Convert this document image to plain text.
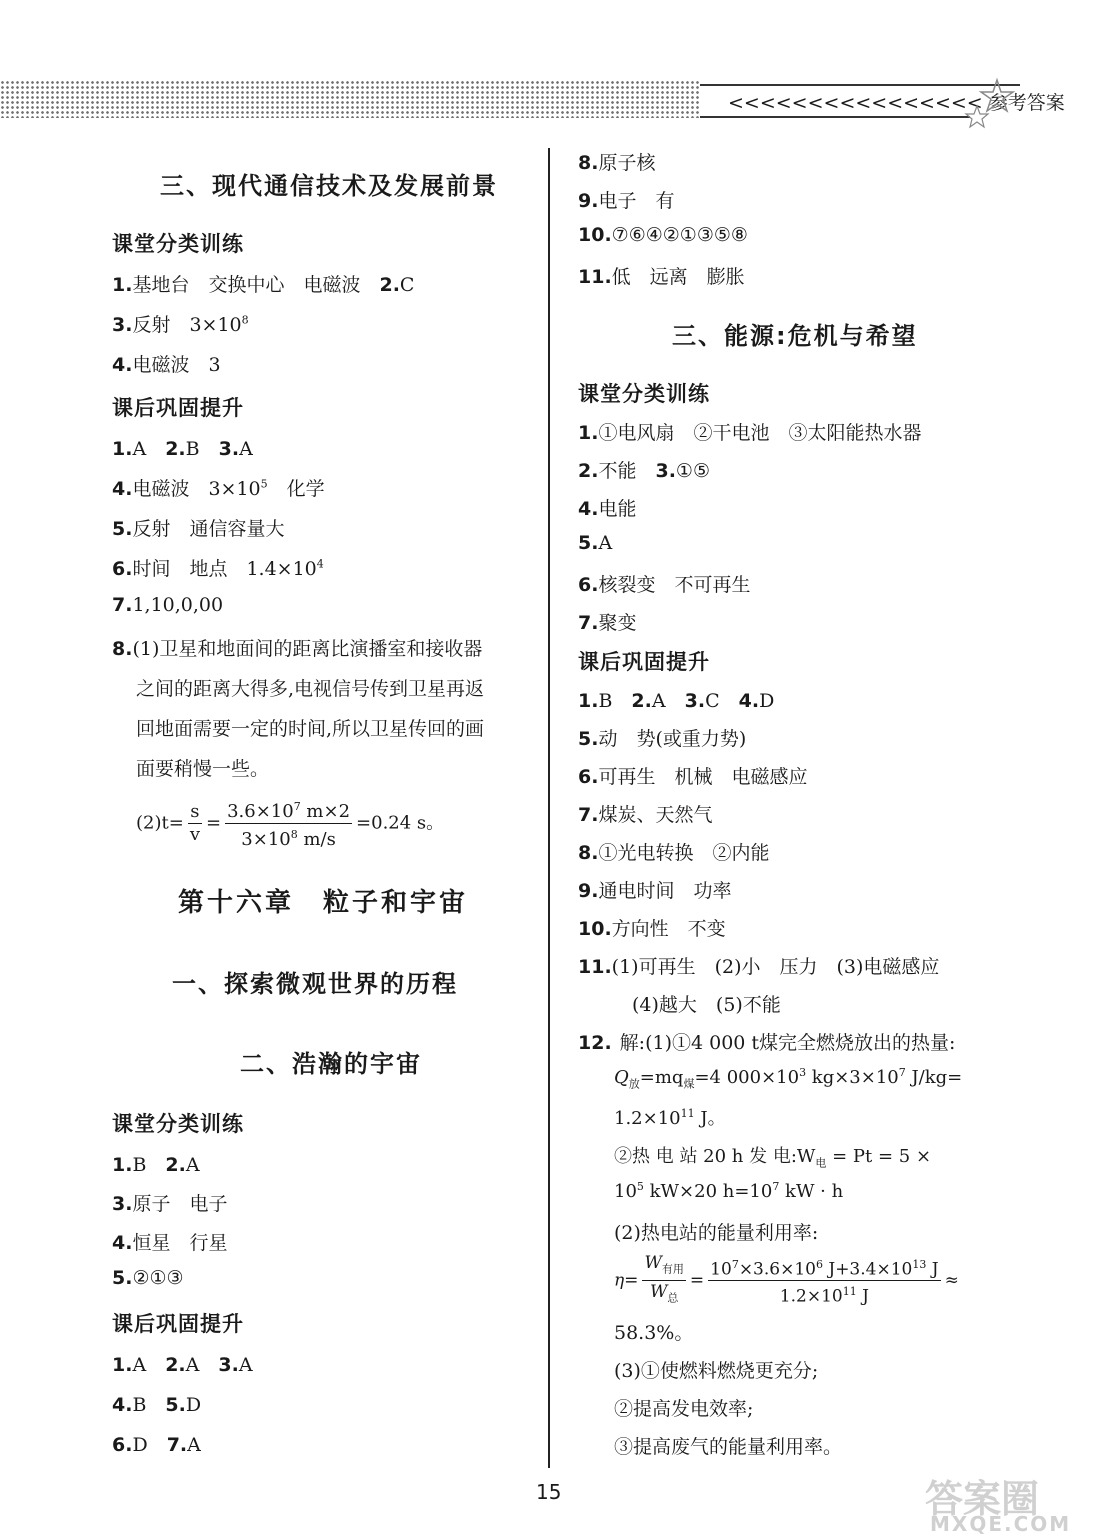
<<<<<<<<<<<<<<<< 参考答案
三、现代通信技术及发展前景
课堂分类训练
1.基地台　交换中心　电磁波　2.C
3.反射　$3\times 10^8$
4.电磁波　3
课后巩固提升
1.A　2.B　3.A
4.电磁波　$3\times 10^5$　化学
5.反射　通信容量大
6.时间　地点　$1.4\times 10^4$
7.1,10,0,00
8.(1)卫星和地面间的距离比演播室和接收器
之间的距离大得多,电视信号传到卫星再返
回地面需要一定的时间,所以卫星传回的画
面要稍慢一些。
$(2)t= \frac{s}{v} = \frac{3.6\times 10^7 m\times 2}{3\times 10^8 m/s} =0.24$ s。
第十六章　粒子和宇宙
一、探索微观世界的历程
二、浩瀚的宇宙
课堂分类训练
1.B　2.A
3.原子　电子
4.恒星　行星
5.②①③
课后巩固提升
1.A　2.A　3.A
4.B　5.D
6.D　7.A
8.原子核
9.电子　有
10.⑦⑥④②①③⑤⑧
11.低　远离　膨胀
三、能源:危机与希望
课堂分类训练
1.①电风扇　②干电池　③太阳能热水器
2.不能　3.①⑤
4.电能
5.A
6.核裂变　不可再生
7.聚变
课后巩固提升
1.B　2.A　3.C　4.D
5.动　势(或重力势)
6.可再生　机械　电磁感应
7.煤炭、天然气
8.①光电转换　②内能
9.通电时间　功率
10.方向性　不变
11.(1)可再生　(2)小　压力　(3)电磁感应
(4)越大　(5)不能
12. 解:(1)①4 000 t煤完全燃烧放出的热量:
$Q_放=mq_煤=4$ $000\times 10^3$ $kg\times 3\times 10^7$ J/kg=
$1.2\times 10^{11}$ J。
②热 电 站 20 h 发 电$:W_电 = Pt = 5$ ×
$10^5$ kW×20 $h=10^7$ kW · h
(2)热电站的能量利用率:
$\eta= \frac{W_{有用}}{W_总} = \frac{10^7\times 3.6\times 10^6 J+3.4\times 10^{13} J}{1.2\times 10^{11} J}$ ≈
58.3%。
(3)①使燃料燃烧更充分;
②提高发电效率;
③提高废气的能量利用率。
15	答案圈
MXQE.COM
